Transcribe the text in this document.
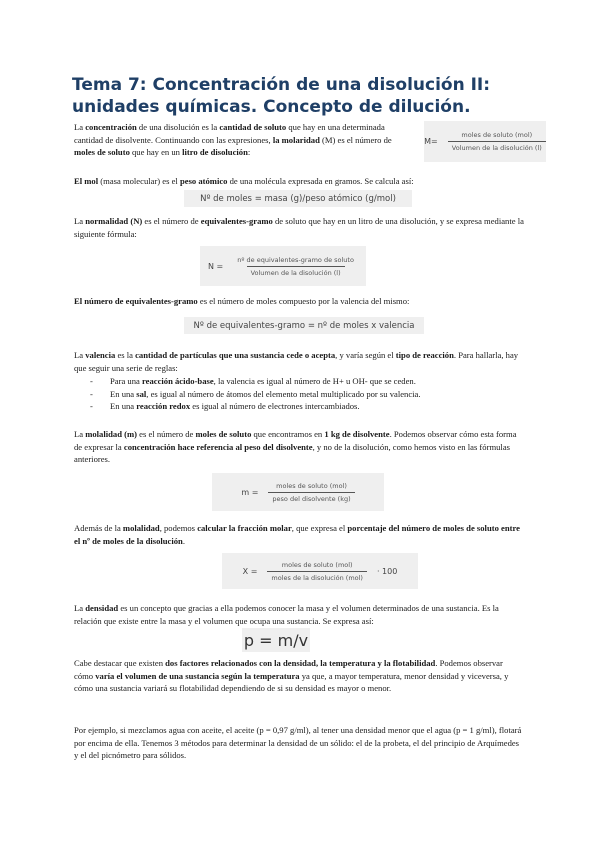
Tema 7: Concentración de una disolución II: unidades químicas. Concepto de dilución.

La concentración de una disolución es la cantidad de soluto que hay en una determinada cantidad de disolvente. Continuando con las expresiones, la molaridad (M) es el número de moles de soluto que hay en un litro de disolución:

$M= \frac{\text{moles de soluto (mol)}}{\text{Volumen de la disolución (l)}}$

El mol (masa molecular) es el peso atómico de una molécula expresada en gramos. Se calcula así:

Nº de moles = masa (g)/peso atómico (g/mol)

La normalidad (N) es el número de equivalentes-gramo de soluto que hay en un litro de una disolución, y se expresa mediante la siguiente fórmula:

$N = \frac{\text{nº de equivalentes-gramo de soluto}}{\text{Volumen de la disolución (l)}}$

El número de equivalentes-gramo es el número de moles compuesto por la valencia del mismo:

Nº de equivalentes-gramo = nº de moles x valencia

La valencia es la cantidad de partículas que una sustancia cede o acepta, y varía según el tipo de reacción. Para hallarla, hay que seguir una serie de reglas:

-	Para una reacción ácido-base, la valencia es igual al número de H+ u OH- que se ceden.
-	En una sal, es igual al número de átomos del elemento metal multiplicado por su valencia.
-	En una reacción redox es igual al número de electrones intercambiados.

La molalidad (m) es el número de moles de soluto que encontramos en 1 kg de disolvente. Podemos observar cómo esta forma de expresar la concentración hace referencia al peso del disolvente, y no de la disolución, como hemos visto en las fórmulas anteriores.

$m = \frac{\text{moles de soluto (mol)}}{\text{peso del disolvente (kg)}}$

Además de la molalidad, podemos calcular la fracción molar, que expresa el porcentaje del número de moles de soluto entre el nº de moles de la disolución.

$X = \frac{\text{moles de soluto (mol)}}{\text{moles de la disolución (mol)}} \cdot 100$

La densidad es un concepto que gracias a ella podemos conocer la masa y el volumen determinados de una sustancia. Es la relación que existe entre la masa y el volumen que ocupa una sustancia. Se expresa así:

p = m/v

Cabe destacar que existen dos factores relacionados con la densidad, la temperatura y la flotabilidad. Podemos observar cómo varía el volumen de una sustancia según la temperatura ya que, a mayor temperatura, menor densidad y viceversa, y cómo una sustancia variará su flotabilidad dependiendo de si su densidad es mayor o menor.

Por ejemplo, si mezclamos agua con aceite, el aceite (p = 0,97 g/ml), al tener una densidad menor que el agua (p = 1 g/ml), flotará por encima de ella. Tenemos 3 métodos para determinar la densidad de un sólido: el de la probeta, el del principio de Arquímedes y el del picnómetro para sólidos.
